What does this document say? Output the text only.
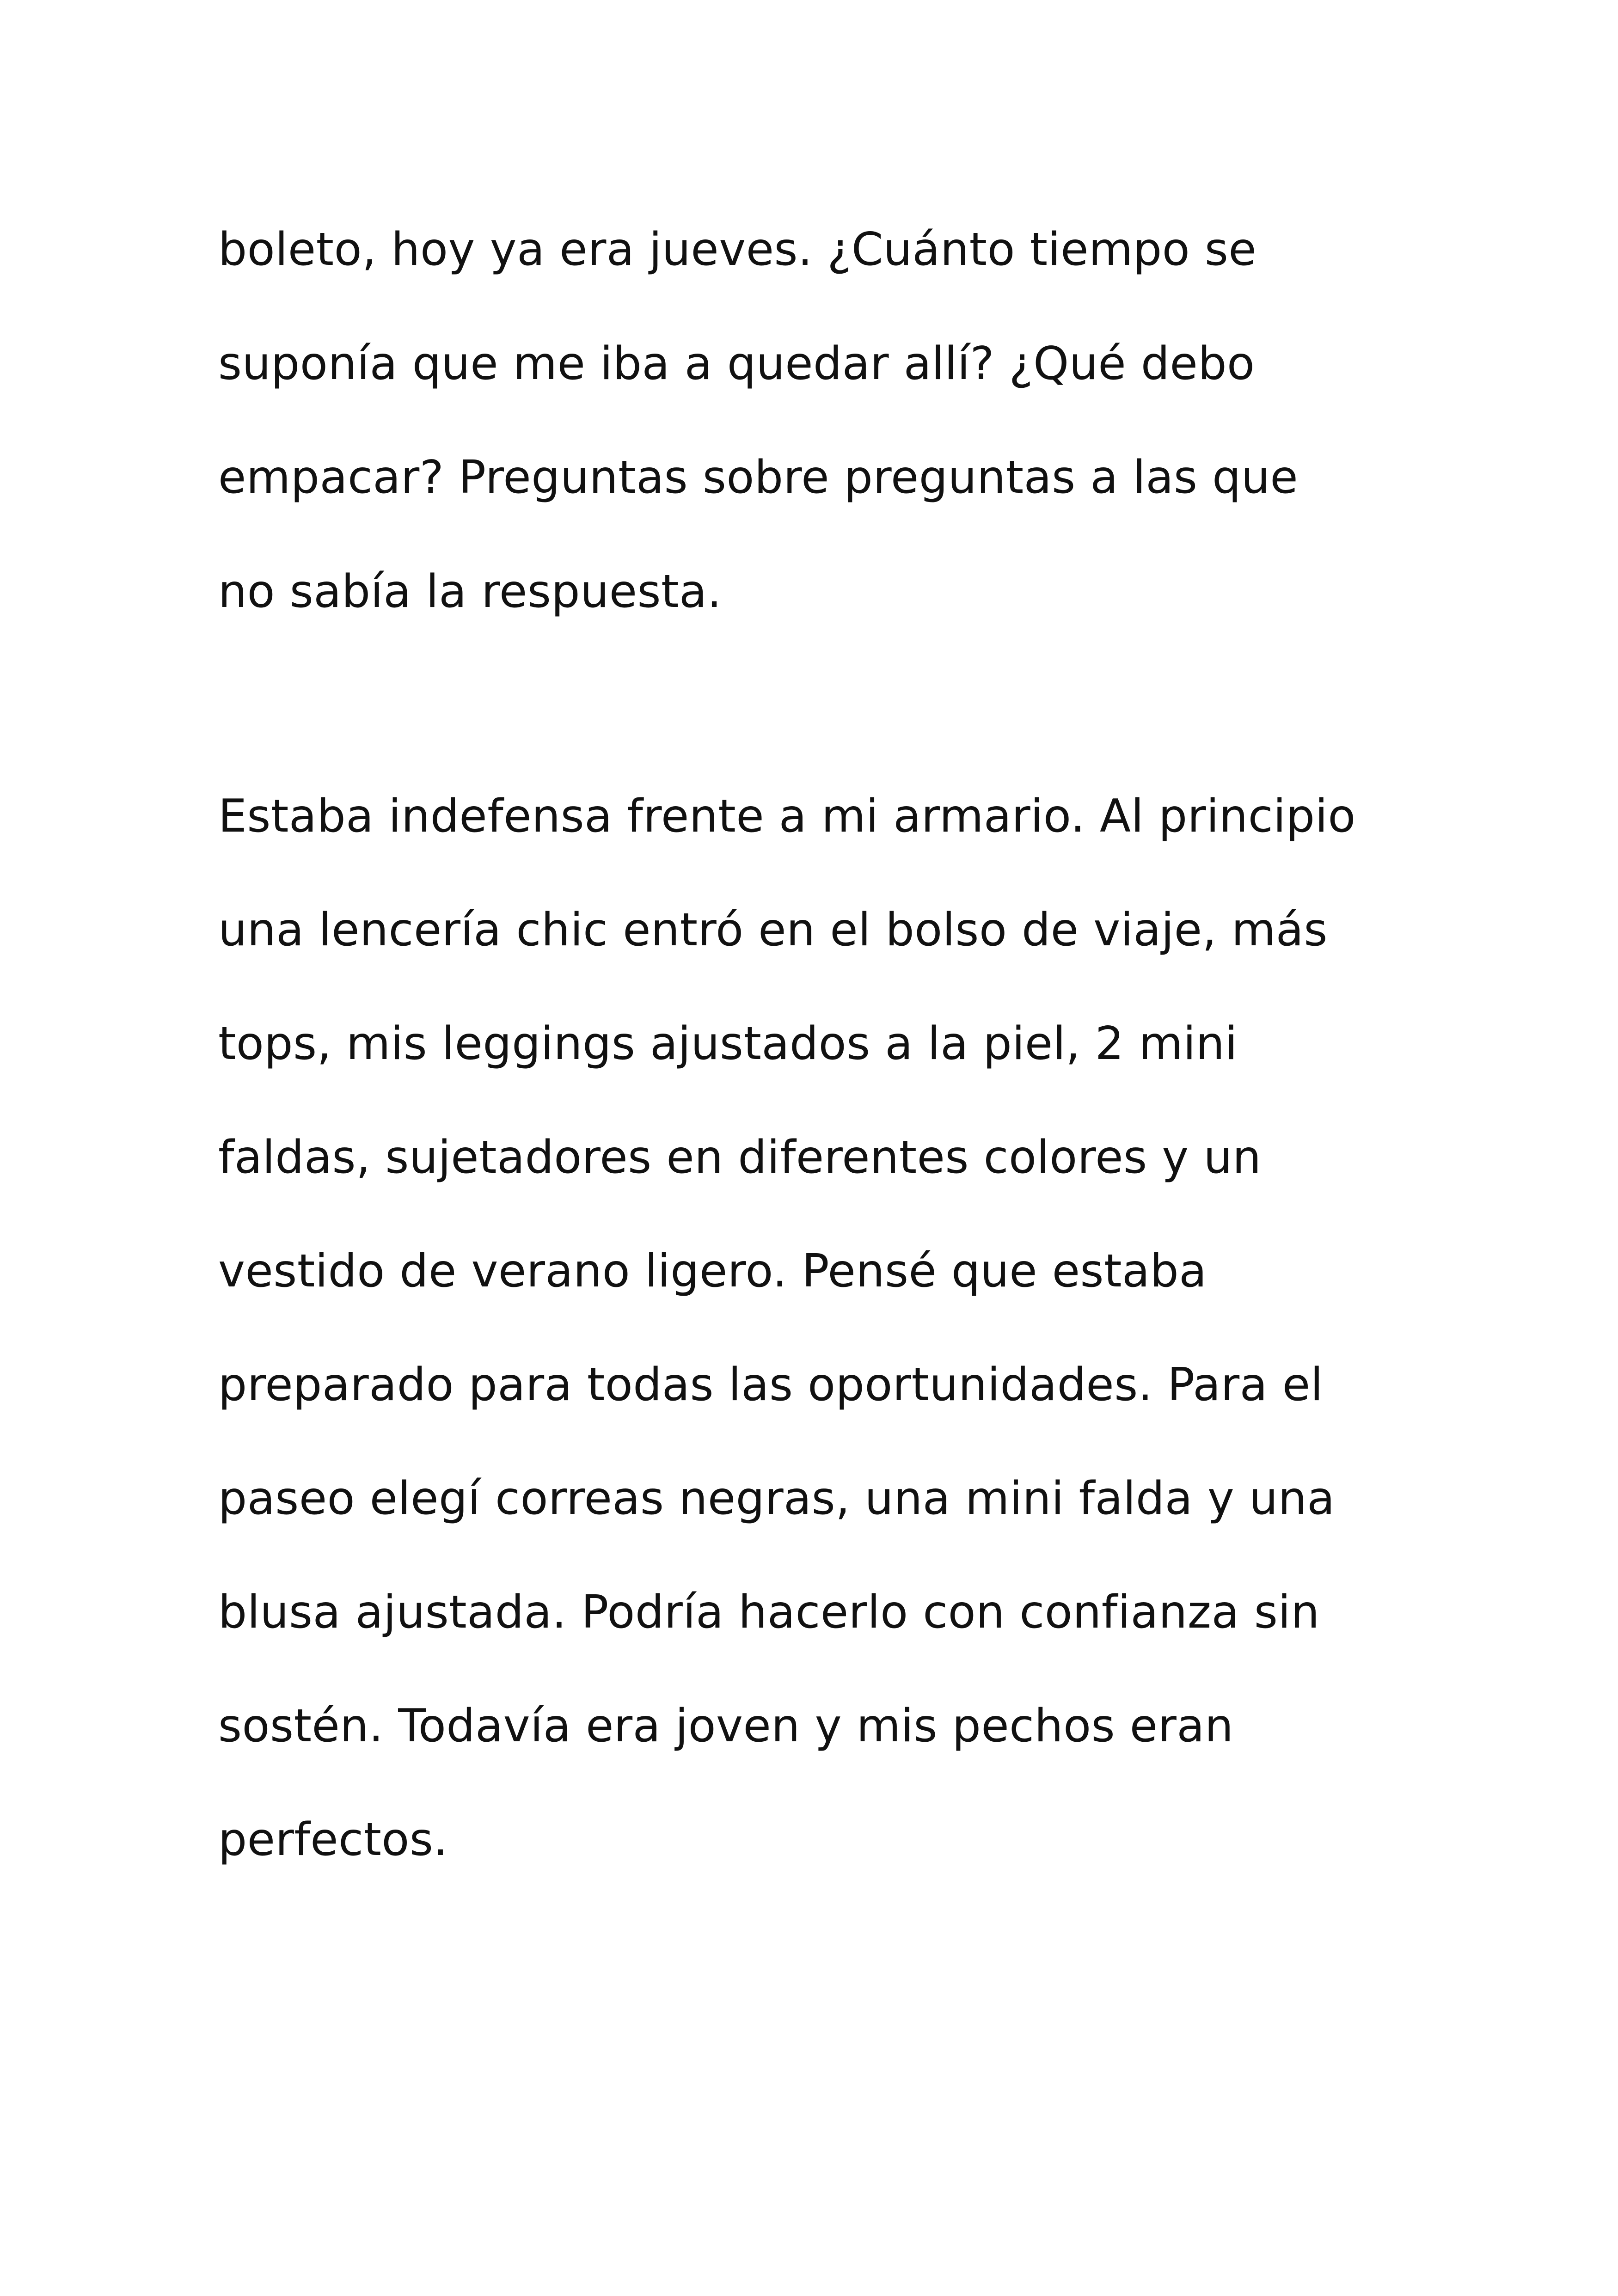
boleto, hoy ya era jueves. ¿Cuánto tiempo se
suponía que me iba a quedar allí? ¿Qué debo
empacar? Preguntas sobre preguntas a las que
no sabía la respuesta.
Estaba indefensa frente a mi armario. Al principio
una lencería chic entró en el bolso de viaje, más
tops, mis leggings ajustados a la piel, 2 mini
faldas, sujetadores en diferentes colores y un
vestido de verano ligero. Pensé que estaba
preparado para todas las oportunidades. Para el
paseo elegí correas negras, una mini falda y una
blusa ajustada. Podría hacerlo con confianza sin
sostén. Todavía era joven y mis pechos eran
perfectos.
